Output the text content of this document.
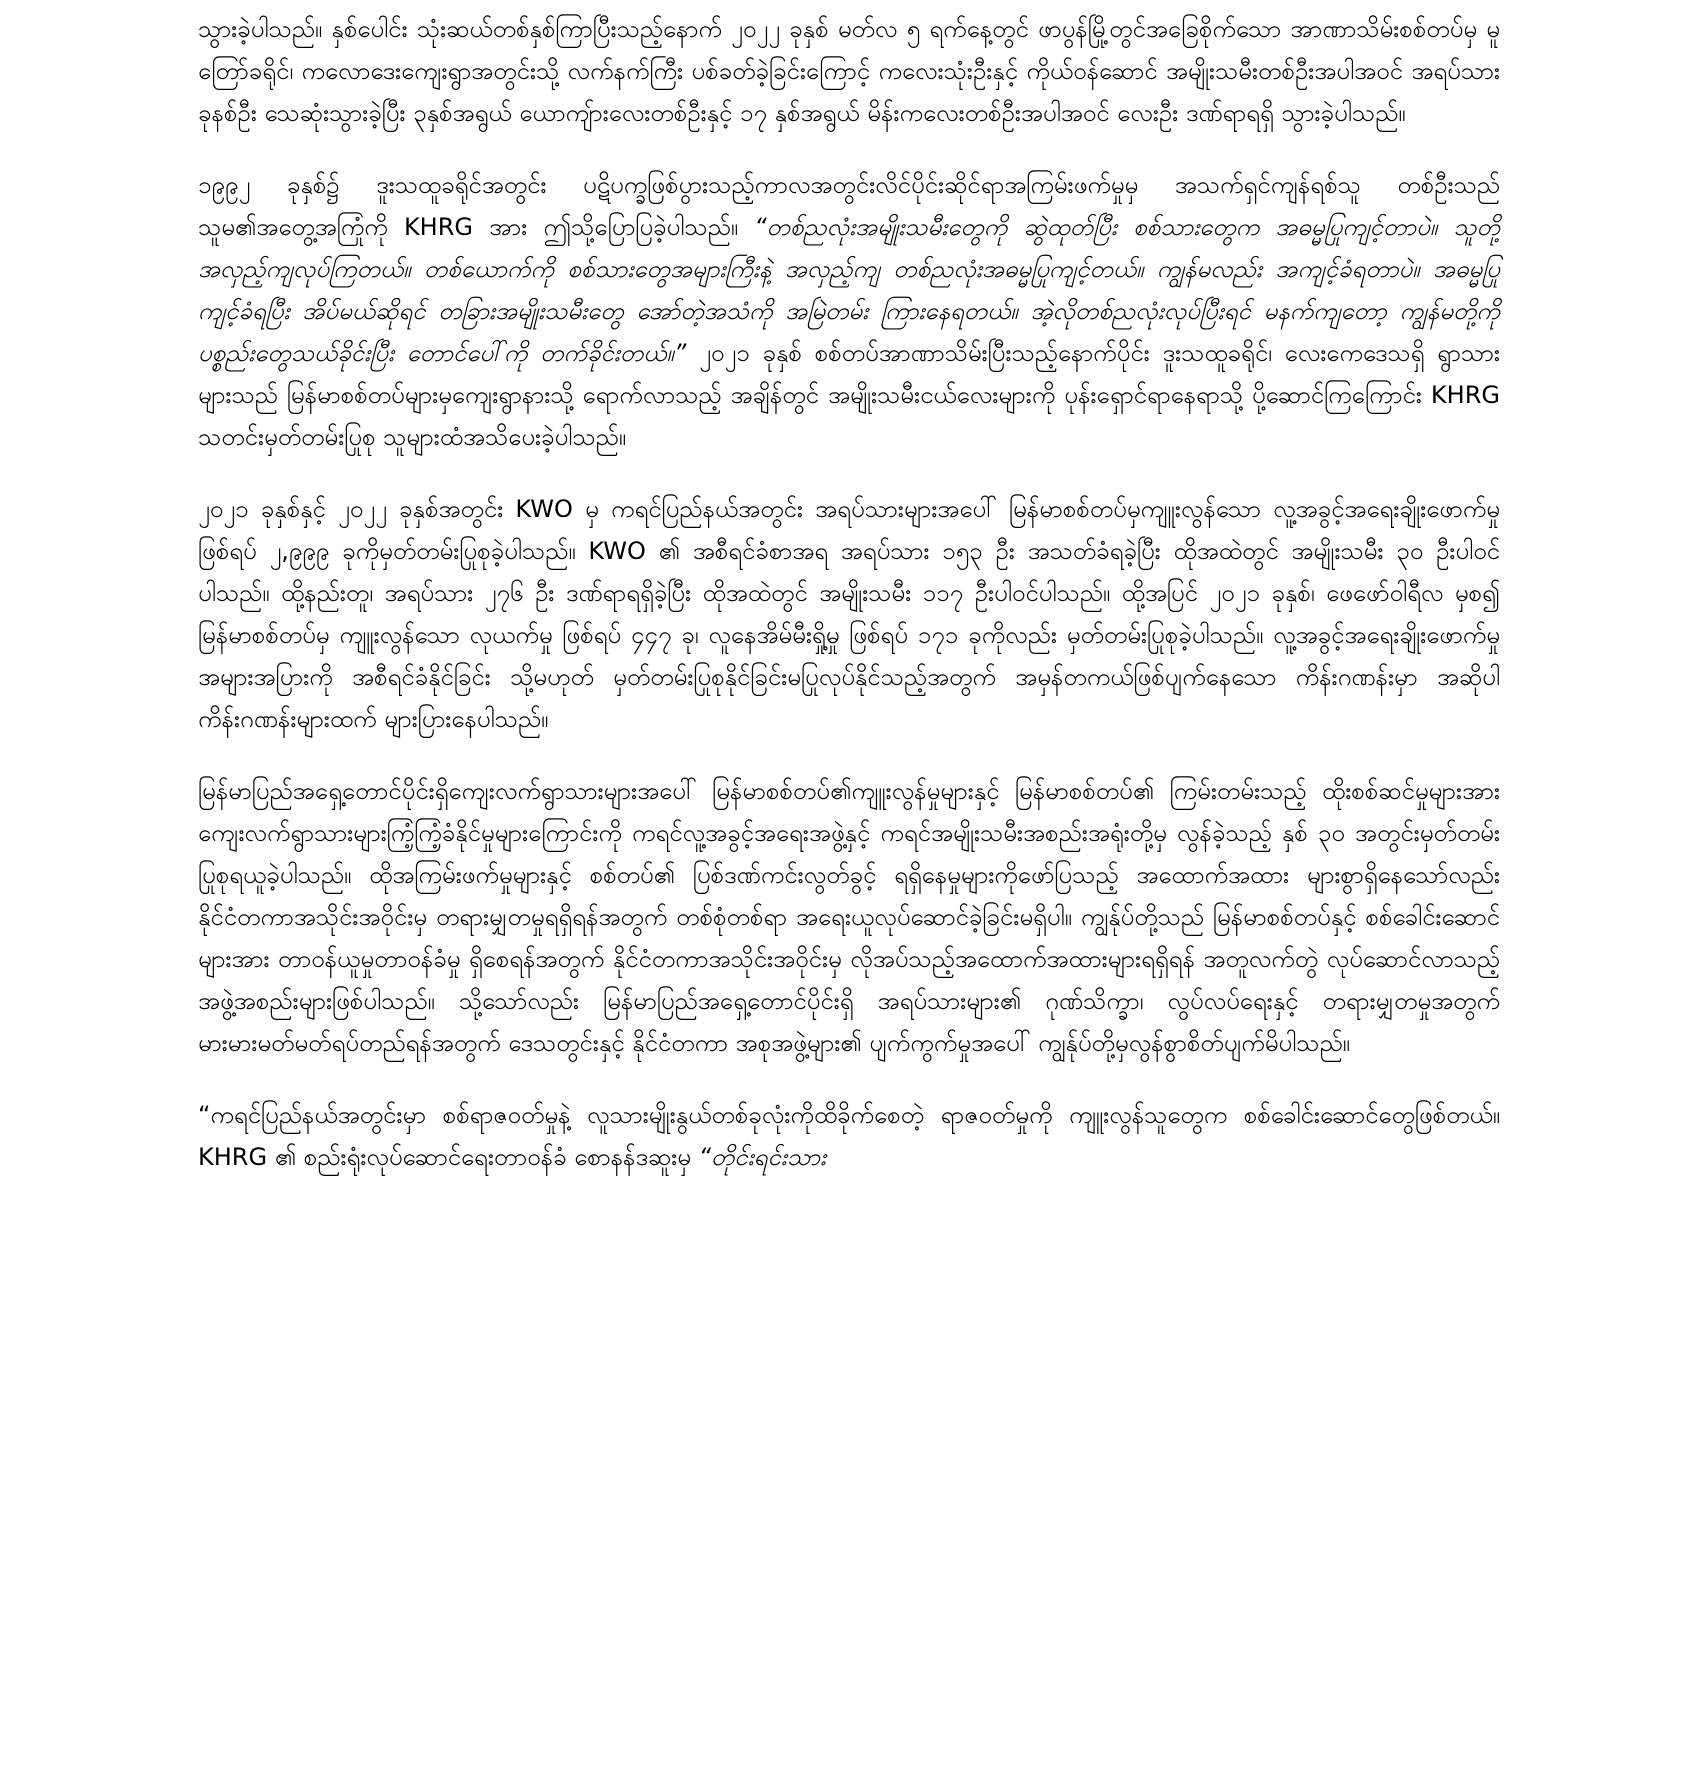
သွားခဲ့ပါသည်။ နှစ်ပေါင်း သုံးဆယ်တစ်နှစ်ကြာပြီးသည့်နောက် ၂၀၂၂ ခုနှစ် မတ်လ ၅ ရက်နေ့တွင် ဖာပွန်မြို့တွင်အခြေစိုက်သော အာဏာသိမ်းစစ်တပ်မှ မူတြော်ခရိုင်၊ ကလောဒေးကျေးရွာအတွင်းသို့ လက်နက်ကြီး ပစ်ခတ်ခဲ့ခြင်းကြောင့် ကလေးသုံးဦးနှင့် ကိုယ်ဝန်ဆောင် အမျိုးသမီးတစ်ဦးအပါအဝင် အရပ်သား ခုနစ်ဦး သေဆုံးသွားခဲ့ပြီး ၃နှစ်အရွယ် ယောကျ်ားလေးတစ်ဦးနှင့် ၁၇ နှစ်အရွယ် မိန်းကလေးတစ်ဦးအပါအဝင် လေးဦး ဒဏ်ရာရရှိ သွားခဲ့ပါသည်။

၁၉၉၂ ခုနှစ်၌ ဒူးသထူခရိုင်အတွင်း ပဋိပက္ခဖြစ်ပွားသည့်ကာလအတွင်းလိင်ပိုင်းဆိုင်ရာအကြမ်းဖက်မှုမှ အသက်ရှင်ကျန်ရစ်သူ တစ်ဦးသည် သူမ၏အတွေ့အကြုံကို KHRG အား ဤသို့ပြောပြခဲ့ပါသည်။ “တစ်ညလုံးအမျိုးသမီးတွေကို ဆွဲထုတ်ပြီး စစ်သားတွေက အဓမ္မပြုကျင့်တာပဲ။ သူတို့ အလှည့်ကျလုပ်ကြတယ်။ တစ်ယောက်ကို စစ်သားတွေအများကြီးနဲ့ အလှည့်ကျ တစ်ညလုံးအဓမ္မပြုကျင့်တယ်။ ကျွန်မလည်း အကျင့်ခံရတာပဲ။ အဓမ္မပြုကျင့်ခံရပြီး အိပ်မယ်ဆိုရင် တခြားအမျိုးသမီးတွေ အော်တဲ့အသံကို အမြဲတမ်း ကြားနေရတယ်။ အဲ့လိုတစ်ညလုံးလုပ်ပြီးရင် မနက်ကျတော့ ကျွန်မတို့ကို ပစ္စည်းတွေသယ်ခိုင်းပြီး တောင်ပေါ်ကို တက်ခိုင်းတယ်။” ၂၀၂၁ ခုနှစ် စစ်တပ်အာဏာသိမ်းပြီးသည့်နောက်ပိုင်း ဒူးသထူခရိုင်၊ လေးကေဒေသရှိ ရွာသားများသည် မြန်မာစစ်တပ်များမှကျေးရွာနားသို့ ရောက်လာသည့် အချိန်တွင် အမျိုးသမီးငယ်လေးများကို ပုန်းရှောင်ရာနေရာသို့ ပို့ဆောင်ကြကြောင်း KHRG သတင်းမှတ်တမ်းပြုစု သူများထံအသိပေးခဲ့ပါသည်။

၂၀၂၁ ခုနှစ်နှင့် ၂၀၂၂ ခုနှစ်အတွင်း KWO မှ ကရင်ပြည်နယ်အတွင်း အရပ်သားများအပေါ် မြန်မာစစ်တပ်မှကျူးလွန်သော လူ့အခွင့်အရေးချိုးဖောက်မှုဖြစ်ရပ် ၂,၉၉၉ ခုကိုမှတ်တမ်းပြုစုခဲ့ပါသည်။ KWO ၏ အစီရင်ခံစာအရ အရပ်သား ၁၅၃ ဦး အသတ်ခံရခဲ့ပြီး ထိုအထဲတွင် အမျိုးသမီး ၃၀ ဦးပါဝင်ပါသည်။ ထို့နည်းတူ၊ အရပ်သား ၂၇၆ ဦး ဒဏ်ရာရရှိခဲ့ပြီး ထိုအထဲတွင် အမျိုးသမီး ၁၁၇ ဦးပါဝင်ပါသည်။ ထို့အပြင် ၂၀၂၁ ခုနှစ်၊ ဖေဖော်ဝါရီလ မှစ၍ မြန်မာစစ်တပ်မှ ကျူးလွန်သော လုယက်မှု ဖြစ်ရပ် ၄၄၇ ခု၊ လူနေအိမ်မီးရှို့မှု ဖြစ်ရပ် ၁၇၁ ခုကိုလည်း မှတ်တမ်းပြုစုခဲ့ပါသည်။ လူ့အခွင့်အရေးချိုးဖောက်မှုအများအပြားကို အစီရင်ခံနိုင်ခြင်း သို့မဟုတ် မှတ်တမ်းပြုစုနိုင်ခြင်းမပြုလုပ်နိုင်သည့်အတွက် အမှန်တကယ်ဖြစ်ပျက်နေသော ကိန်းဂဏန်းမှာ အဆိုပါကိန်းဂဏန်းများထက် များပြားနေပါသည်။

မြန်မာပြည်အရှေ့တောင်ပိုင်းရှိကျေးလက်ရွာသားများအပေါ် မြန်မာစစ်တပ်၏ကျူးလွန်မှုများနှင့် မြန်မာစစ်တပ်၏ ကြမ်းတမ်းသည့် ထိုးစစ်ဆင်မှုများအား ကျေးလက်ရွာသားများကြံ့ကြံ့ခံနိုင်မှုများကြောင်းကို ကရင်လူ့အခွင့်အရေးအဖွဲ့နှင့် ကရင်အမျိုးသမီးအစည်းအရုံးတို့မှ လွန်ခဲ့သည့် နှစ် ၃၀ အတွင်းမှတ်တမ်းပြုစုရယူခဲ့ပါသည်။ ထိုအကြမ်းဖက်မှုများနှင့် စစ်တပ်၏ ပြစ်ဒဏ်ကင်းလွတ်ခွင့် ရရှိနေမှုများကိုဖော်ပြသည့် အထောက်အထား များစွာရှိနေသော်လည်း နိုင်ငံတကာအသိုင်းအဝိုင်းမှ တရားမျှတမှုရရှိရန်အတွက် တစ်စုံတစ်ရာ အရေးယူလုပ်ဆောင်ခဲ့ခြင်းမရှိပါ။ ကျွန်ုပ်တို့သည် မြန်မာစစ်တပ်နှင့် စစ်ခေါင်းဆောင်များအား တာဝန်ယူမှုတာဝန်ခံမှု ရှိစေရန်အတွက် နိုင်ငံတကာအသိုင်းအဝိုင်းမှ လိုအပ်သည့်အထောက်အထားများရရှိရန် အတူလက်တွဲ လုပ်ဆောင်လာသည့် အဖွဲ့အစည်းများဖြစ်ပါသည်။ သို့သော်လည်း မြန်မာပြည်အရှေ့တောင်ပိုင်းရှိ အရပ်သားများ၏ ဂုဏ်သိက္ခာ၊ လွပ်လပ်ရေးနှင့် တရားမျှတမှုအတွက် မားမားမတ်မတ်ရပ်တည်ရန်အတွက် ဒေသတွင်းနှင့် နိုင်ငံတကာ အစုအဖွဲ့များ၏ ပျက်ကွက်မှုအပေါ် ကျွန်ုပ်တို့မှလွန်စွာစိတ်ပျက်မိပါသည်။

“ကရင်ပြည်နယ်အတွင်းမှာ စစ်ရာဇဝတ်မှုနဲ့ လူသားမျိုးနွယ်တစ်ခုလုံးကိုထိခိုက်စေတဲ့ ရာဇဝတ်မှုကို ကျူးလွန်သူတွေက စစ်ခေါင်းဆောင်တွေဖြစ်တယ်။ KHRG ၏ စည်းရုံးလုပ်ဆောင်ရေးတာဝန်ခံ စောနန်ဒဆူးမှ “တိုင်းရင်းသား
